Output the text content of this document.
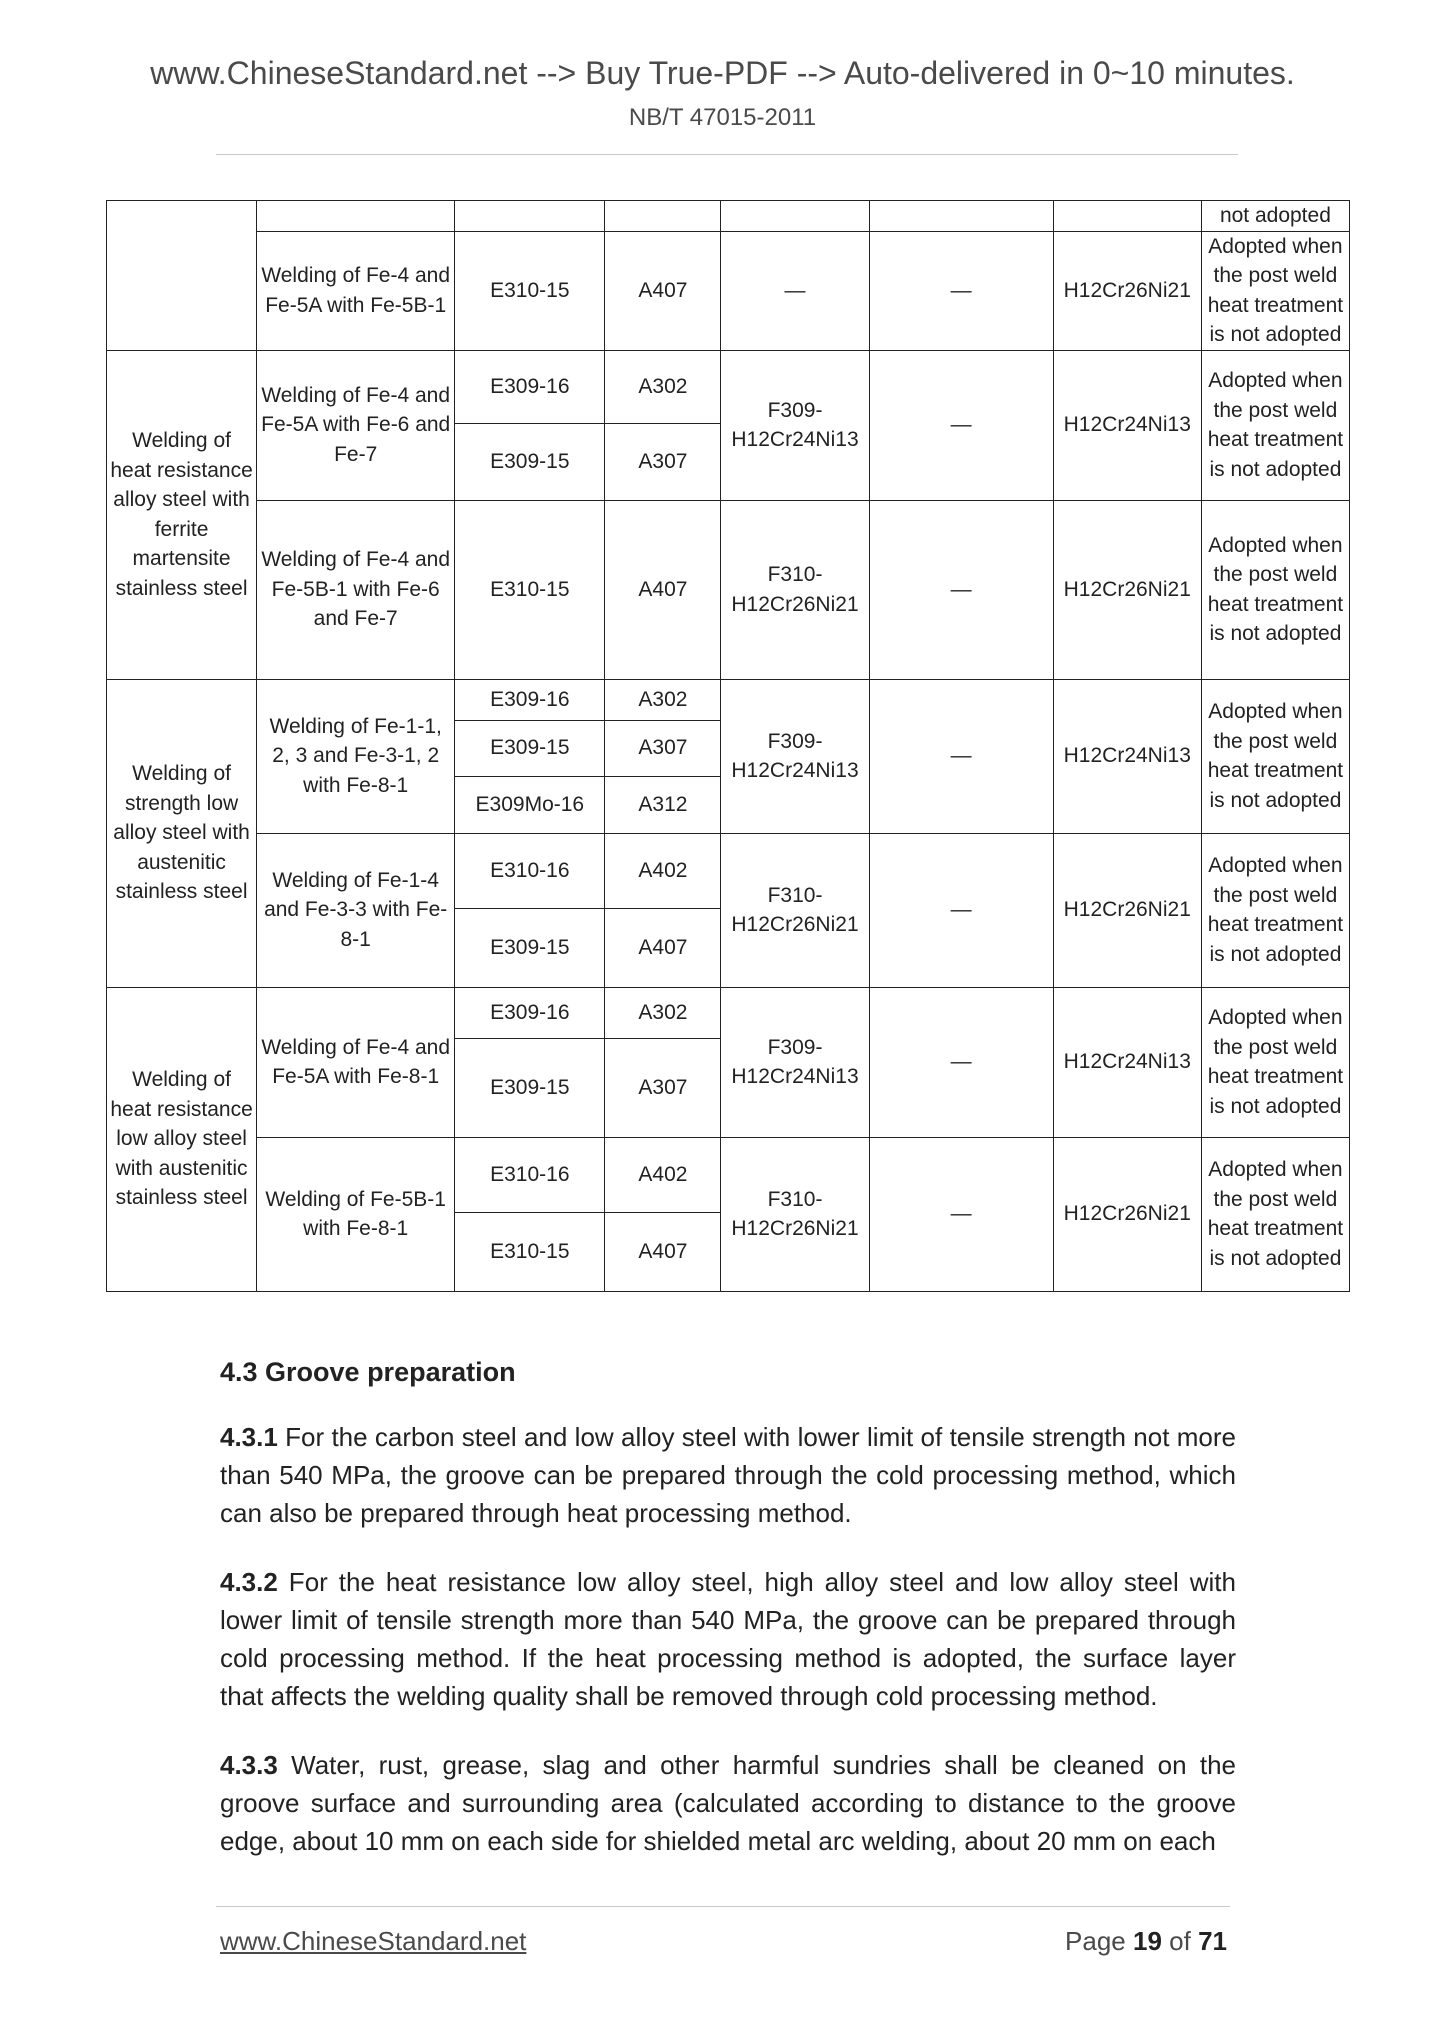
www.ChineseStandard.net --> Buy True-PDF --> Auto-delivered in 0~10 minutes.
NB/T 47015-2011
							not adopted
	Welding of Fe-4 and Fe-5A with Fe-5B-1	E310-15	A407	—	—	H12Cr26Ni21	Adopted when the post weld heat treatment is not adopted
Welding of heat resistance alloy steel with ferrite martensite stainless steel	Welding of Fe-4 and Fe-5A with Fe-6 and Fe-7	E309-16	A302	F309-H12Cr24Ni13	—	H12Cr24Ni13	Adopted when the post weld heat treatment is not adopted
		E309-15	A307				
	Welding of Fe-4 and Fe-5B-1 with Fe-6 and Fe-7	E310-15	A407	F310-H12Cr26Ni21	—	H12Cr26Ni21	Adopted when the post weld heat treatment is not adopted
Welding of strength low alloy steel with austenitic stainless steel	Welding of Fe-1-1, 2, 3 and Fe-3-1, 2 with Fe-8-1	E309-16	A302	F309-H12Cr24Ni13	—	H12Cr24Ni13	Adopted when the post weld heat treatment is not adopted
		E309-15	A307				
		E309Mo-16	A312				
	Welding of Fe-1-4 and Fe-3-3 with Fe-8-1	E310-16	A402	F310-H12Cr26Ni21	—	H12Cr26Ni21	Adopted when the post weld heat treatment is not adopted
		E309-15	A407				
Welding of heat resistance low alloy steel with austenitic stainless steel	Welding of Fe-4 and Fe-5A with Fe-8-1	E309-16	A302	F309-H12Cr24Ni13	—	H12Cr24Ni13	Adopted when the post weld heat treatment is not adopted
		E309-15	A307				
	Welding of Fe-5B-1 with Fe-8-1	E310-16	A402	F310-H12Cr26Ni21	—	H12Cr26Ni21	Adopted when the post weld heat treatment is not adopted
		E310-15	A407				
4.3 Groove preparation
4.3.1 For the carbon steel and low alloy steel with lower limit of tensile strength not more than 540 MPa, the groove can be prepared through the cold processing method, which can also be prepared through heat processing method.
4.3.2 For the heat resistance low alloy steel, high alloy steel and low alloy steel with lower limit of tensile strength more than 540 MPa, the groove can be prepared through cold processing method. If the heat processing method is adopted, the surface layer that affects the welding quality shall be removed through cold processing method.
4.3.3 Water, rust, grease, slag and other harmful sundries shall be cleaned on the groove surface and surrounding area (calculated according to distance to the groove edge, about 10 mm on each side for shielded metal arc welding, about 20 mm on each
www.ChineseStandard.net	Page 19 of 71
